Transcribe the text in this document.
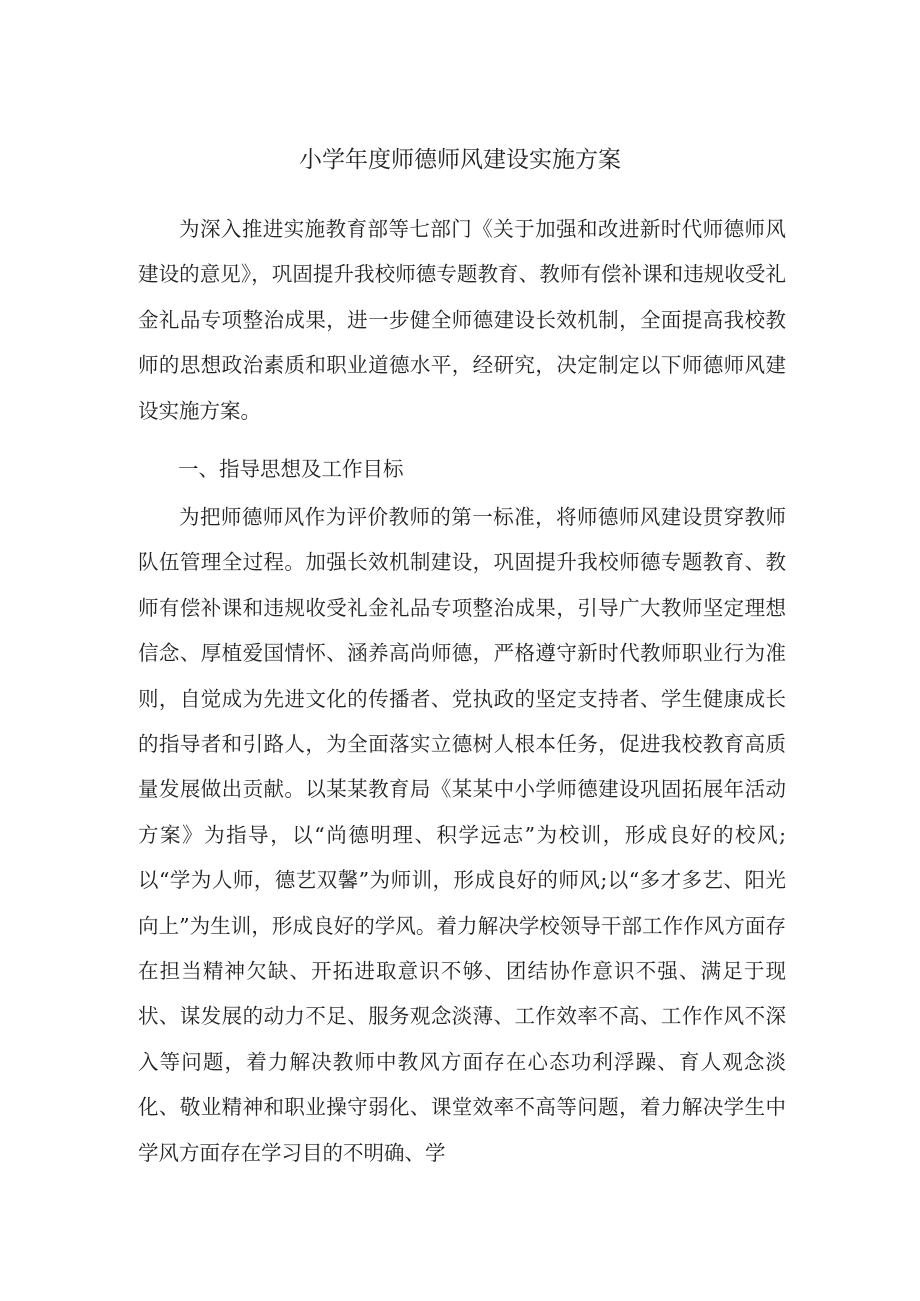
小学年度师德师风建设实施方案

为深入推进实施教育部等七部门《关于加强和改进新时代师德师风建设的意见》，巩固提升我校师德专题教育、教师有偿补课和违规收受礼金礼品专项整治成果，进一步健全师德建设长效机制，全面提高我校教师的思想政治素质和职业道德水平，经研究，决定制定以下师德师风建设实施方案。

一、指导思想及工作目标

为把师德师风作为评价教师的第一标准，将师德师风建设贯穿教师队伍管理全过程。加强长效机制建设，巩固提升我校师德专题教育、教师有偿补课和违规收受礼金礼品专项整治成果，引导广大教师坚定理想信念、厚植爱国情怀、涵养高尚师德，严格遵守新时代教师职业行为准则，自觉成为先进文化的传播者、党执政的坚定支持者、学生健康成长的指导者和引路人，为全面落实立德树人根本任务，促进我校教育高质量发展做出贡献。以某某教育局《某某中小学师德建设巩固拓展年活动方案》为指导，以“尚德明理、积学远志”为校训，形成良好的校风;以“学为人师，德艺双馨”为师训，形成良好的师风;以“多才多艺、阳光向上”为生训，形成良好的学风。着力解决学校领导干部工作作风方面存在担当精神欠缺、开拓进取意识不够、团结协作意识不强、满足于现状、谋发展的动力不足、服务观念淡薄、工作效率不高、工作作风不深入等问题，着力解决教师中教风方面存在心态功利浮躁、育人观念淡化、敬业精神和职业操守弱化、课堂效率不高等问题，着力解决学生中学风方面存在学习目的不明确、学
